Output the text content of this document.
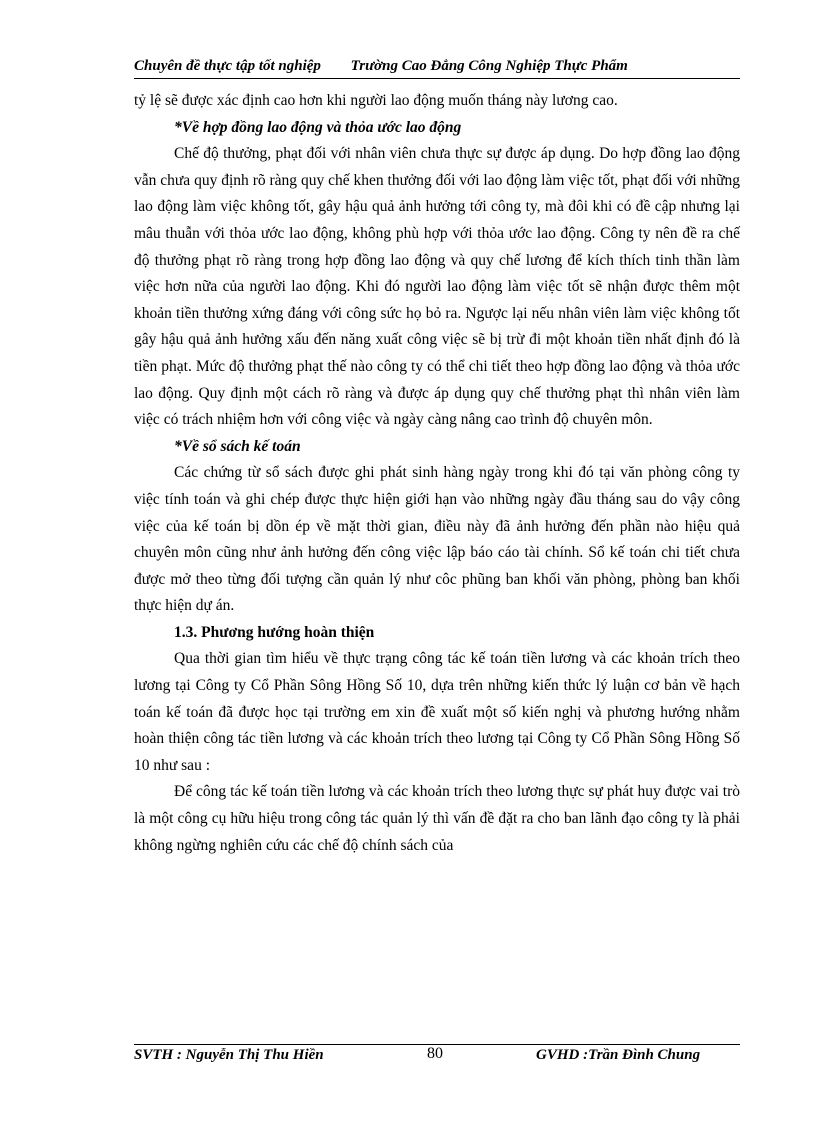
Chuyên đề thực tập tốt nghiệp Trường Cao Đẳng Công Nghiệp Thực Phẩm

tỷ lệ sẽ được xác định cao hơn khi người lao động muốn tháng này lương cao.

*Về hợp đồng lao động và thỏa ước lao động

Chế độ thưởng, phạt đối với nhân viên chưa thực sự được áp dụng. Do hợp đồng lao động vẫn chưa quy định rõ ràng quy chế khen thưởng đối với lao động làm việc tốt, phạt đối với những lao động làm việc không tốt, gây hậu quả ảnh hưởng tới công ty, mà đôi khi có đề cập nhưng lại mâu thuẫn với thỏa ước lao động, không phù hợp với thỏa ước lao động. Công ty nên đề ra chế độ thưởng phạt rõ ràng trong hợp đồng lao động và quy chế lương để kích thích tinh thần làm việc hơn nữa của người lao động. Khi đó người lao động làm việc tốt sẽ nhận được thêm một khoản tiền thưởng xứng đáng với công sức họ bỏ ra. Ngược lại nếu nhân viên làm việc không tốt gây hậu quả ảnh hưởng xấu đến năng xuất công việc sẽ bị trừ đi một khoản tiền nhất định đó là tiền phạt. Mức độ thưởng phạt thế nào công ty có thể chi tiết theo hợp đồng lao động và thỏa ước lao động. Quy định một cách rõ ràng và được áp dụng quy chế thưởng phạt thì nhân viên làm việc có trách nhiệm hơn với công việc và ngày càng nâng cao trình độ chuyên môn.

*Về sổ sách kế toán

Các chứng từ sổ sách được ghi phát sinh hàng ngày trong khi đó tại văn phòng công ty việc tính toán và ghi chép được thực hiện giới hạn vào những ngày đầu tháng sau do vậy công việc của kế toán bị dồn ép về mặt thời gian, điều này đã ảnh hưởng đến phần nào hiệu quả chuyên môn cũng như ảnh hưởng đến công việc lập báo cáo tài chính. Sổ kế toán chi tiết chưa được mở theo từng đối tượng cần quản lý như côc phũng ban khối văn phòng, phòng ban khối thực hiện dự án.

1.3. Phương hướng hoàn thiện

Qua thời gian tìm hiểu về thực trạng công tác kế toán tiền lương và các khoản trích theo lương tại Công ty Cổ Phần Sông Hồng Số 10, dựa trên những kiến thức lý luận cơ bản về hạch toán kế toán đã được học tại trường em xin đề xuất một số kiến nghị và phương hướng nhằm hoàn thiện công tác tiền lương và các khoản trích theo lương tại Công ty Cổ Phần Sông Hồng Số 10 như sau :

Để công tác kế toán tiền lương và các khoản trích theo lương thực sự phát huy được vai trò là một công cụ hữu hiệu trong công tác quản lý thì vấn đề đặt ra cho ban lãnh đạo công ty là phải không ngừng nghiên cứu các chế độ chính sách của

SVTH : Nguyễn Thị Thu Hiền	80	GVHD :Trần Đình Chung
